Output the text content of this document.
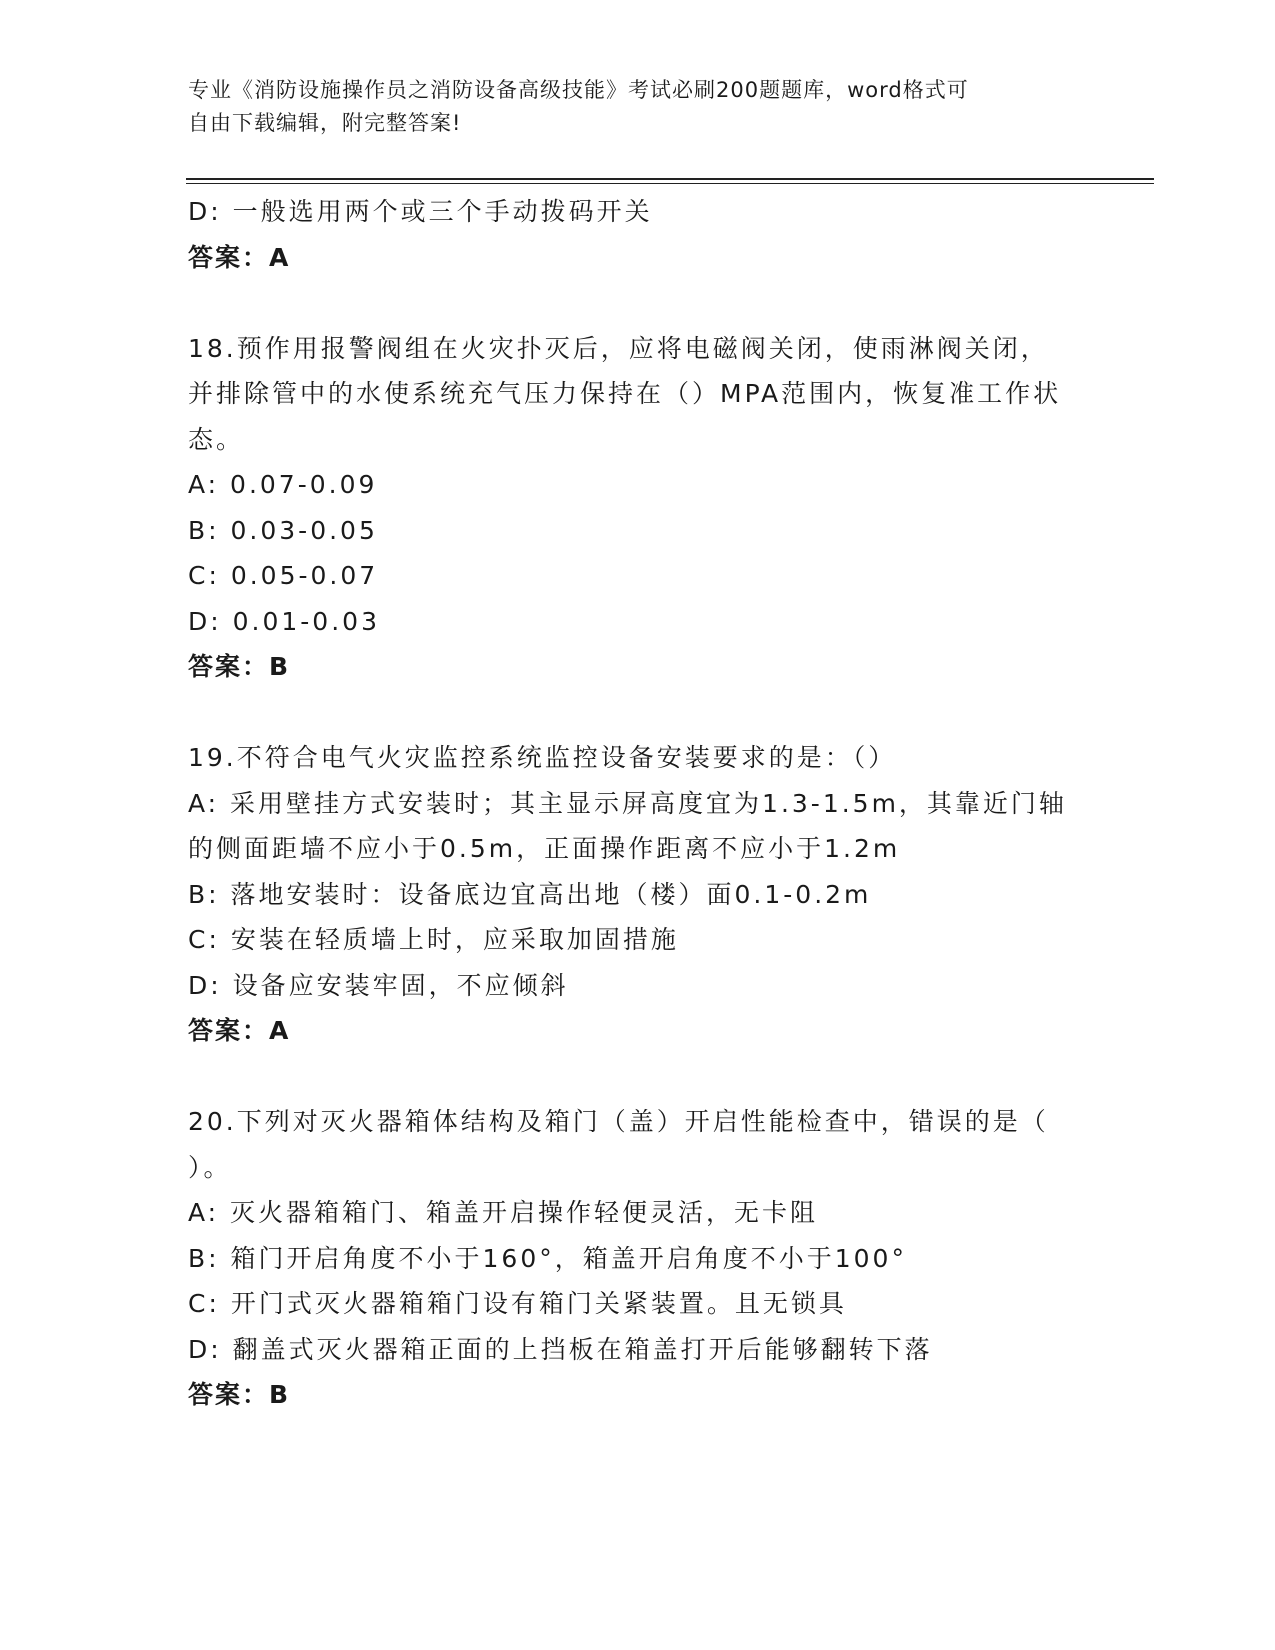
专业《消防设施操作员之消防设备高级技能》考试必刷200题题库，word格式可
自由下载编辑，附完整答案!
D: 一般选用两个或三个手动拨码开关
答案：A
18.预作用报警阀组在火灾扑灭后，应将电磁阀关闭，使雨淋阀关闭，
并排除管中的水使系统充气压力保持在（）MPA范围内，恢复准工作状
态。
A: 0.07-0.09
B: 0.03-0.05
C: 0.05-0.07
D: 0.01-0.03
答案：B
19.不符合电气火灾监控系统监控设备安装要求的是：（）
A: 采用壁挂方式安装时；其主显示屏高度宜为1.3-1.5m，其靠近门轴
的侧面距墙不应小于0.5m，正面操作距离不应小于1.2m
B: 落地安装时：设备底边宜高出地（楼）面0.1-0.2m
C: 安装在轻质墙上时，应采取加固措施
D: 设备应安装牢固，不应倾斜
答案：A
20.下列对灭火器箱体结构及箱门（盖）开启性能检查中，错误的是（
）。
A: 灭火器箱箱门、箱盖开启操作轻便灵活，无卡阻
B: 箱门开启角度不小于160°，箱盖开启角度不小于100°
C: 开门式灭火器箱箱门设有箱门关紧装置。且无锁具
D: 翻盖式灭火器箱正面的上挡板在箱盖打开后能够翻转下落
答案：B
